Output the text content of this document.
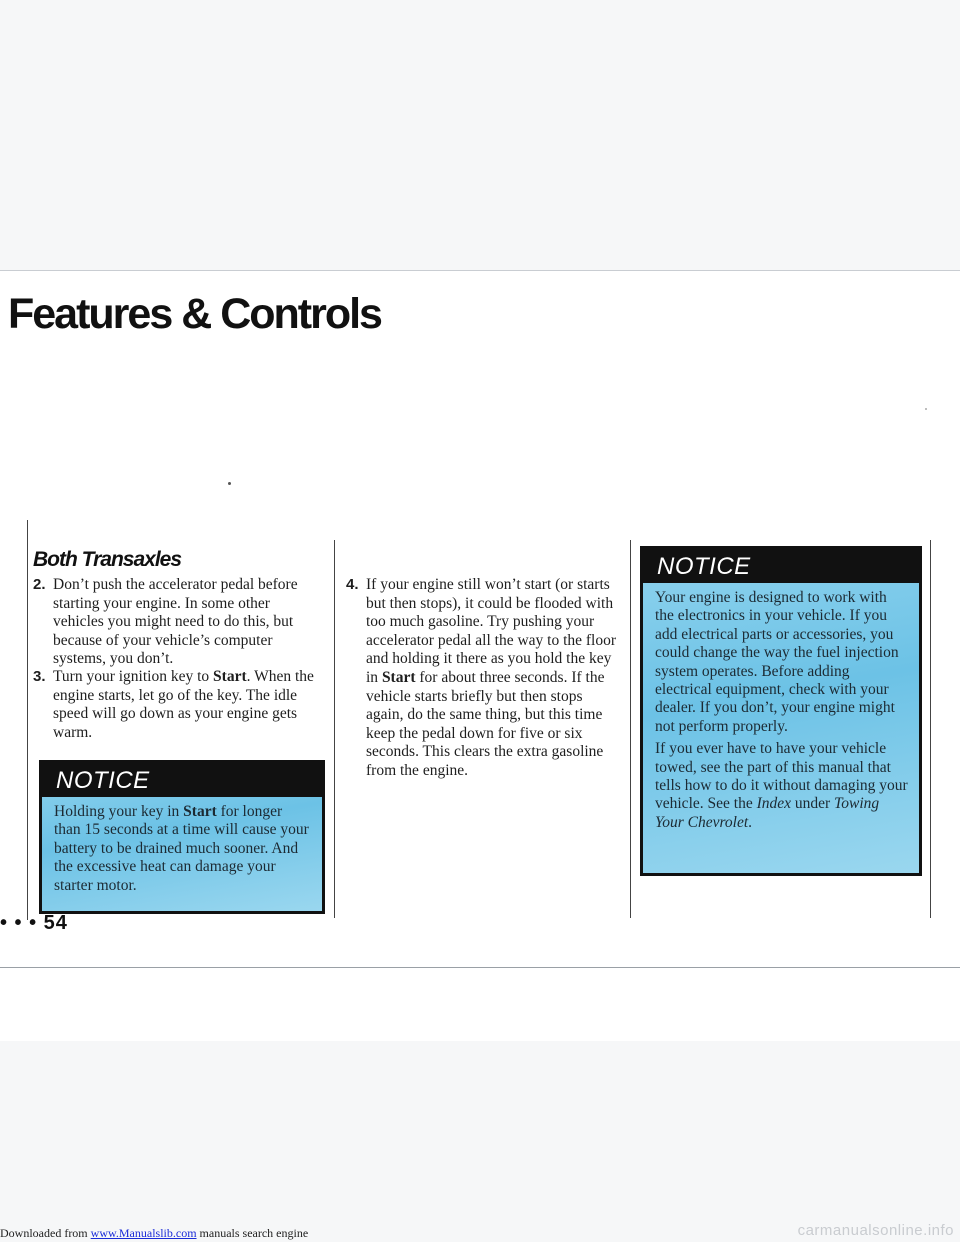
Features & Controls
Both Transaxles
2. Don’t push the accelerator pedal before starting your engine. In some other vehicles you might need to do this, but because of your vehicle’s computer systems, you don’t.
3. Turn your ignition key to Start. When the engine starts, let go of the key. The idle speed will go down as your engine gets warm.
NOTICE
Holding your key in Start for longer than 15 seconds at a time will cause your battery to be drained much sooner. And the excessive heat can damage your starter motor.
4. If your engine still won’t start (or starts but then stops), it could be flooded with too much gasoline. Try pushing your accelerator pedal all the way to the floor and holding it there as you hold the key in Start for about three seconds. If the vehicle starts briefly but then stops again, do the same thing, but this time keep the pedal down for five or six seconds. This clears the extra gasoline from the engine.
NOTICE

Your engine is designed to work with the electronics in your vehicle. If you add electrical parts or accessories, you could change the way the fuel injection system operates. Before adding electrical equipment, check with your dealer. If you don’t, your engine might not perform properly.

If you ever have to have your vehicle towed, see the part of this manual that tells how to do it without damaging your vehicle. See the Index under Towing Your Chevrolet.

• • • 54
Downloaded from www.Manualslib.com manuals search engine	carmanualsonline.info
